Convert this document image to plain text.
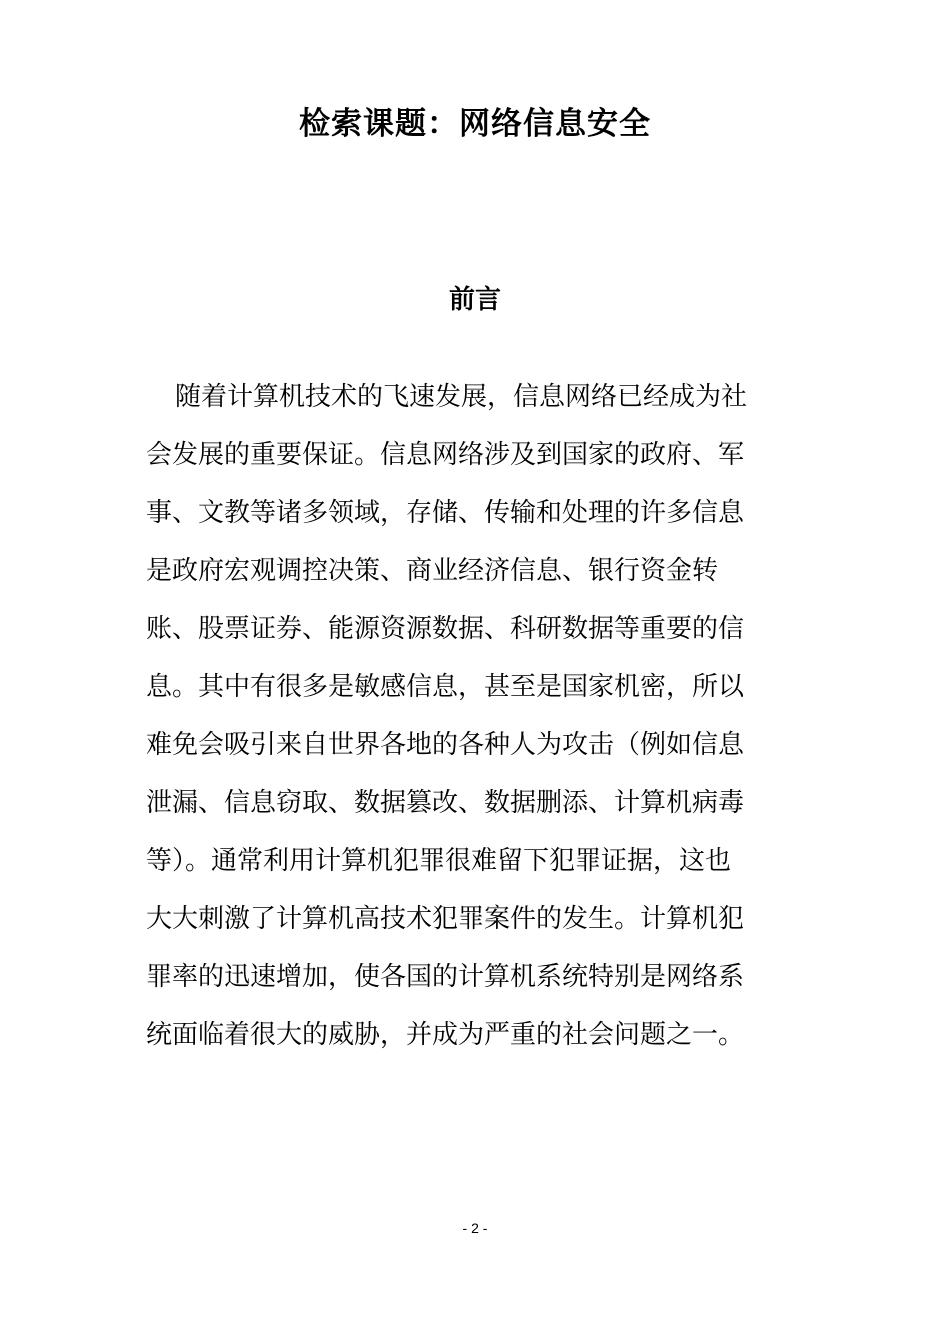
检索课题：网络信息安全
前言
随着计算机技术的飞速发展，信息网络已经成为社
会发展的重要保证。信息网络涉及到国家的政府、军
事、文教等诸多领域，存储、传输和处理的许多信息
是政府宏观调控决策、商业经济信息、银行资金转
账、股票证券、能源资源数据、科研数据等重要的信
息。其中有很多是敏感信息，甚至是国家机密，所以
难免会吸引来自世界各地的各种人为攻击（例如信息
泄漏、信息窃取、数据篡改、数据删添、计算机病毒
等）。通常利用计算机犯罪很难留下犯罪证据，这也
大大刺激了计算机高技术犯罪案件的发生。计算机犯
罪率的迅速增加，使各国的计算机系统特别是网络系
统面临着很大的威胁，并成为严重的社会问题之一。
- 2 -
